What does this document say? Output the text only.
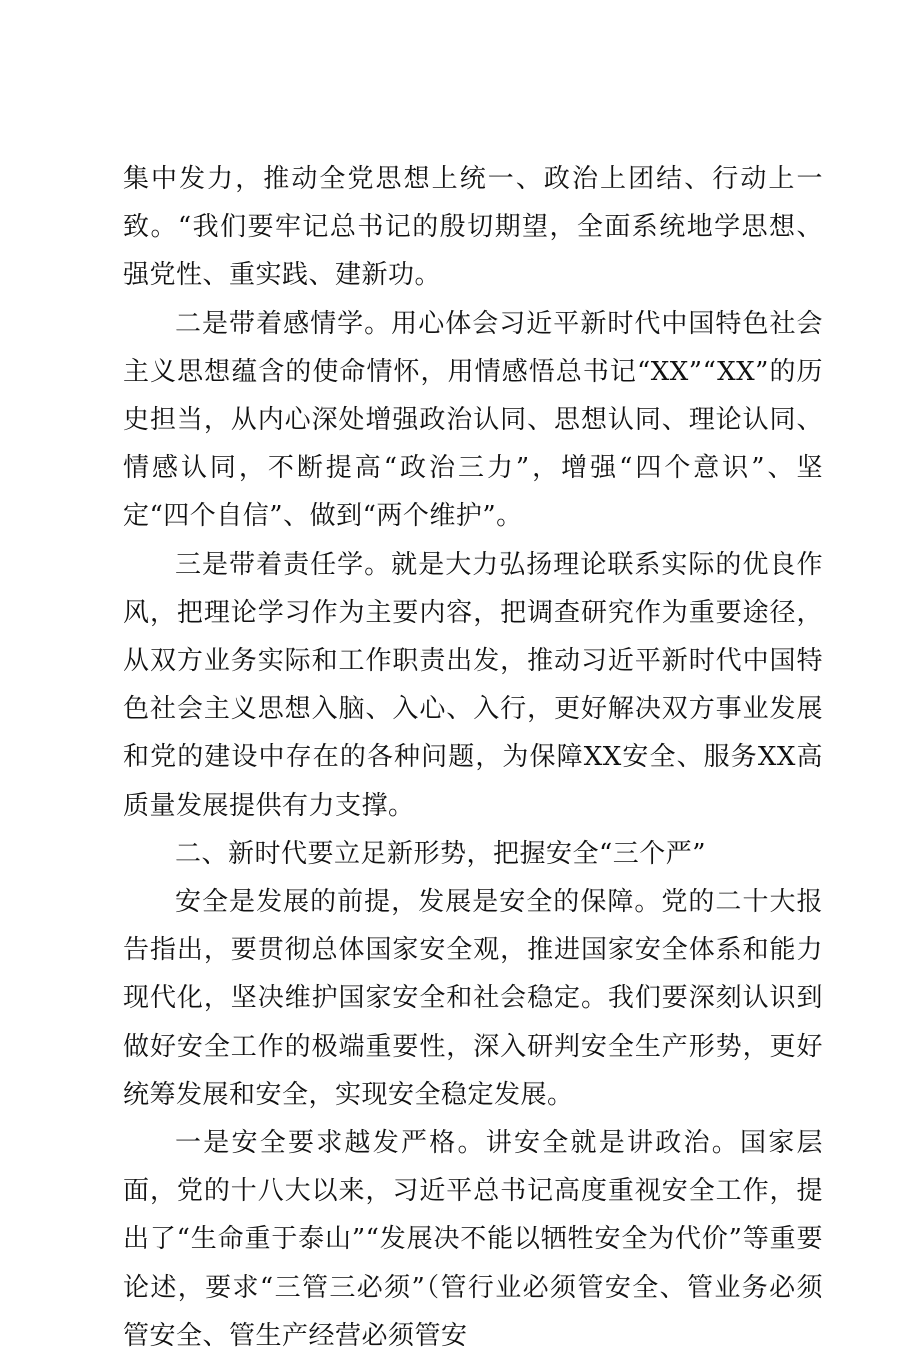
集中发力，推动全党思想上统一、政治上团结、行动上一致。“我们要牢记总书记的殷切期望，全面系统地学思想、强党性、重实践、建新功。

二是带着感情学。用心体会习近平新时代中国特色社会主义思想蕴含的使命情怀，用情感悟总书记“XX”“XX”的历史担当，从内心深处增强政治认同、思想认同、理论认同、情感认同，不断提高“政治三力”，增强“四个意识”、坚定“四个自信”、做到“两个维护”。

三是带着责任学。就是大力弘扬理论联系实际的优良作风，把理论学习作为主要内容，把调查研究作为重要途径，从双方业务实际和工作职责出发，推动习近平新时代中国特色社会主义思想入脑、入心、入行，更好解决双方事业发展和党的建设中存在的各种问题，为保障XX安全、服务XX高质量发展提供有力支撑。

二、新时代要立足新形势，把握安全“三个严”

安全是发展的前提，发展是安全的保障。党的二十大报告指出，要贯彻总体国家安全观，推进国家安全体系和能力现代化，坚决维护国家安全和社会稳定。我们要深刻认识到做好安全工作的极端重要性，深入研判安全生产形势，更好统筹发展和安全，实现安全稳定发展。

一是安全要求越发严格。讲安全就是讲政治。国家层面，党的十八大以来，习近平总书记高度重视安全工作，提出了“生命重于泰山”“发展决不能以牺牲安全为代价”等重要论述，要求“三管三必须”（管行业必须管安全、管业务必须管安全、管生产经营必须管安
